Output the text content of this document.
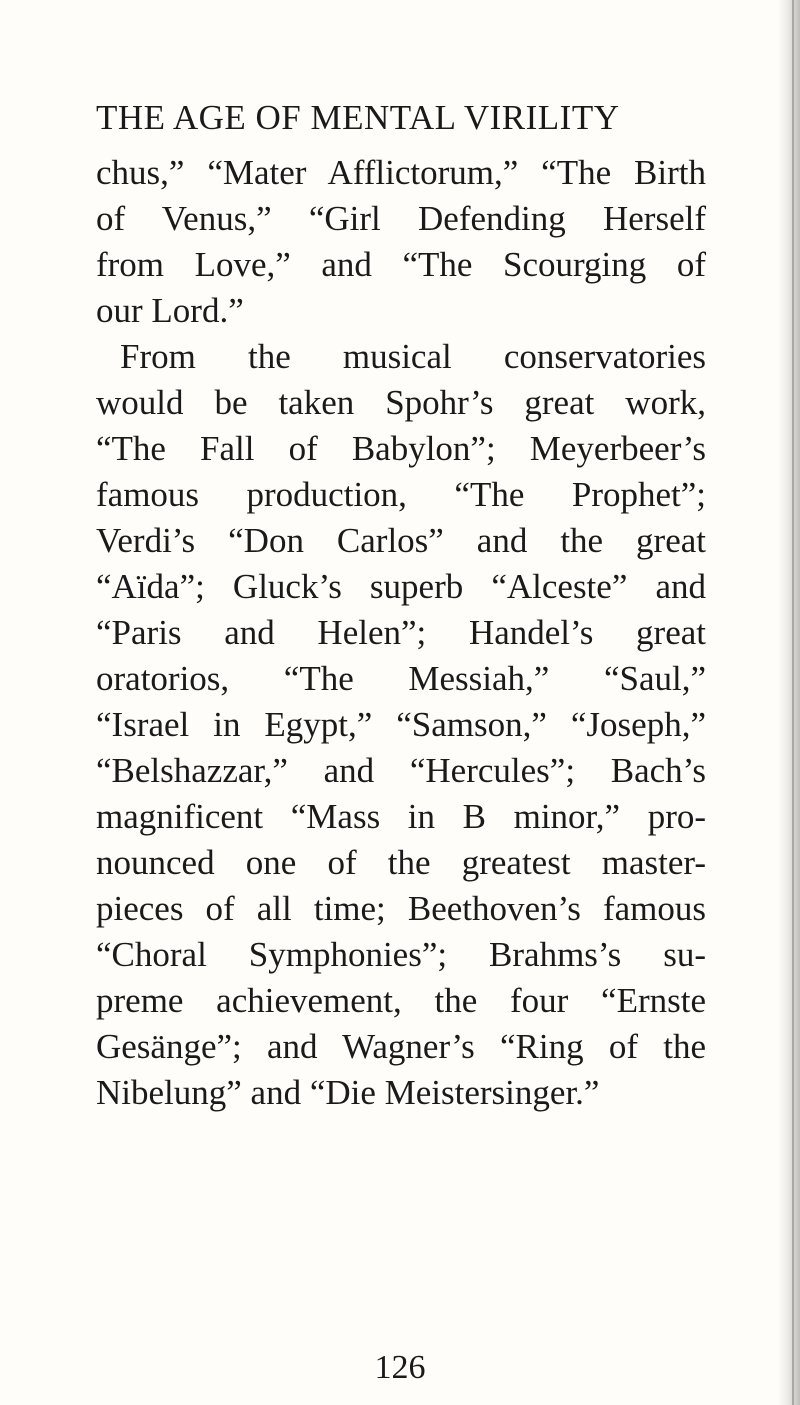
THE AGE OF MENTAL VIRILITY
chus,” “Mater Afflictorum,” “The Birth
of Venus,” “Girl Defending Herself
from Love,” and “The Scourging of
our Lord.”
From the musical conservatories
would be taken Spohr’s great work,
“The Fall of Babylon”; Meyerbeer’s
famous production, “The Prophet”;
Verdi’s “Don Carlos” and the great
“Aïda”; Gluck’s superb “Alceste” and
“Paris and Helen”; Handel’s great
oratorios, “The Messiah,” “Saul,”
“Israel in Egypt,” “Samson,” “Joseph,”
“Belshazzar,” and “Hercules”; Bach’s
magnificent “Mass in B minor,” pro-
nounced one of the greatest master-
pieces of all time; Beethoven’s famous
“Choral Symphonies”; Brahms’s su-
preme achievement, the four “Ernste
Gesänge”; and Wagner’s “Ring of the
Nibelung” and “Die Meistersinger.”
126
